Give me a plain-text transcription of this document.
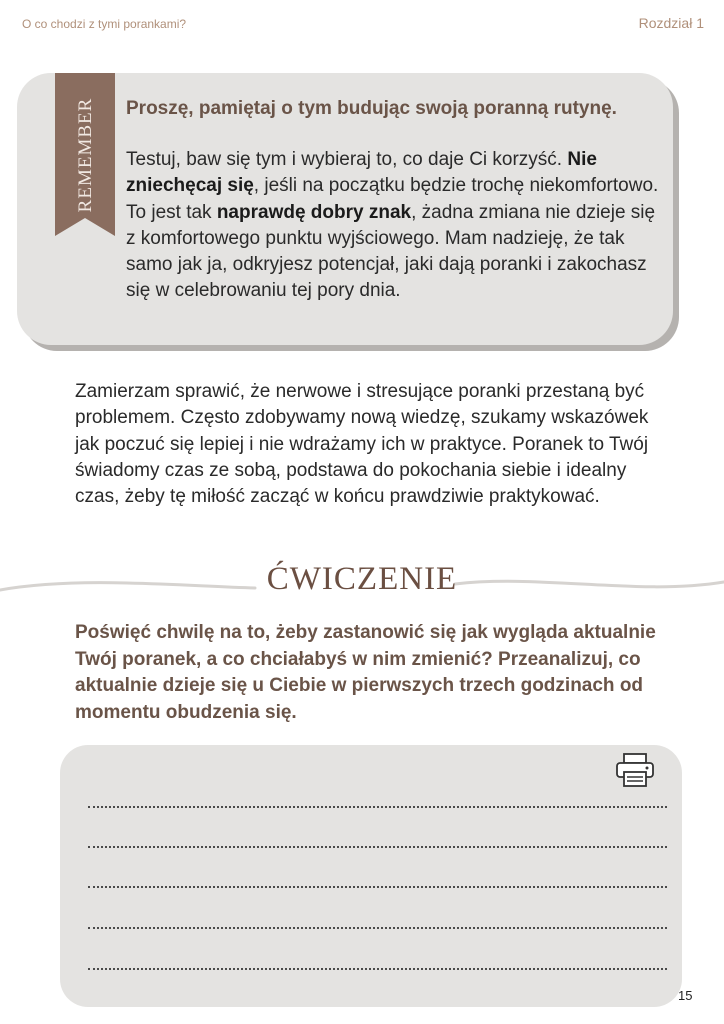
O co chodzi z tymi porankami?	Rozdział 1
REMEMBER Proszę, pamiętaj o tym budując swoją poranną rutynę.
Testuj, baw się tym i wybieraj to, co daje Ci korzyść. Nie zniechęcaj się, jeśli na początku będzie trochę niekomfortowo. To jest tak naprawdę dobry znak, żadna zmiana nie dzieje się z komfortowego punktu wyjściowego. Mam nadzieję, że tak samo jak ja, odkryjesz potencjał, jaki dają poranki i zakochasz się w celebrowaniu tej pory dnia.
Zamierzam sprawić, że nerwowe i stresujące poranki przestaną być problemem. Często zdobywamy nową wiedzę, szukamy wskazówek jak poczuć się lepiej i nie wdrażamy ich w praktyce. Poranek to Twój świadomy czas ze sobą, podstawa do pokochania siebie i idealny czas, żeby tę miłość zacząć w końcu prawdziwie praktykować.
ĆWICZENIE
Poświęć chwilę na to, żeby zastanowić się jak wygląda aktualnie Twój poranek, a co chciałabyś w nim zmienić? Przeanalizuj, co aktualnie dzieje się u Ciebie w pierwszych trzech godzinach od momentu obudzenia się.
15
